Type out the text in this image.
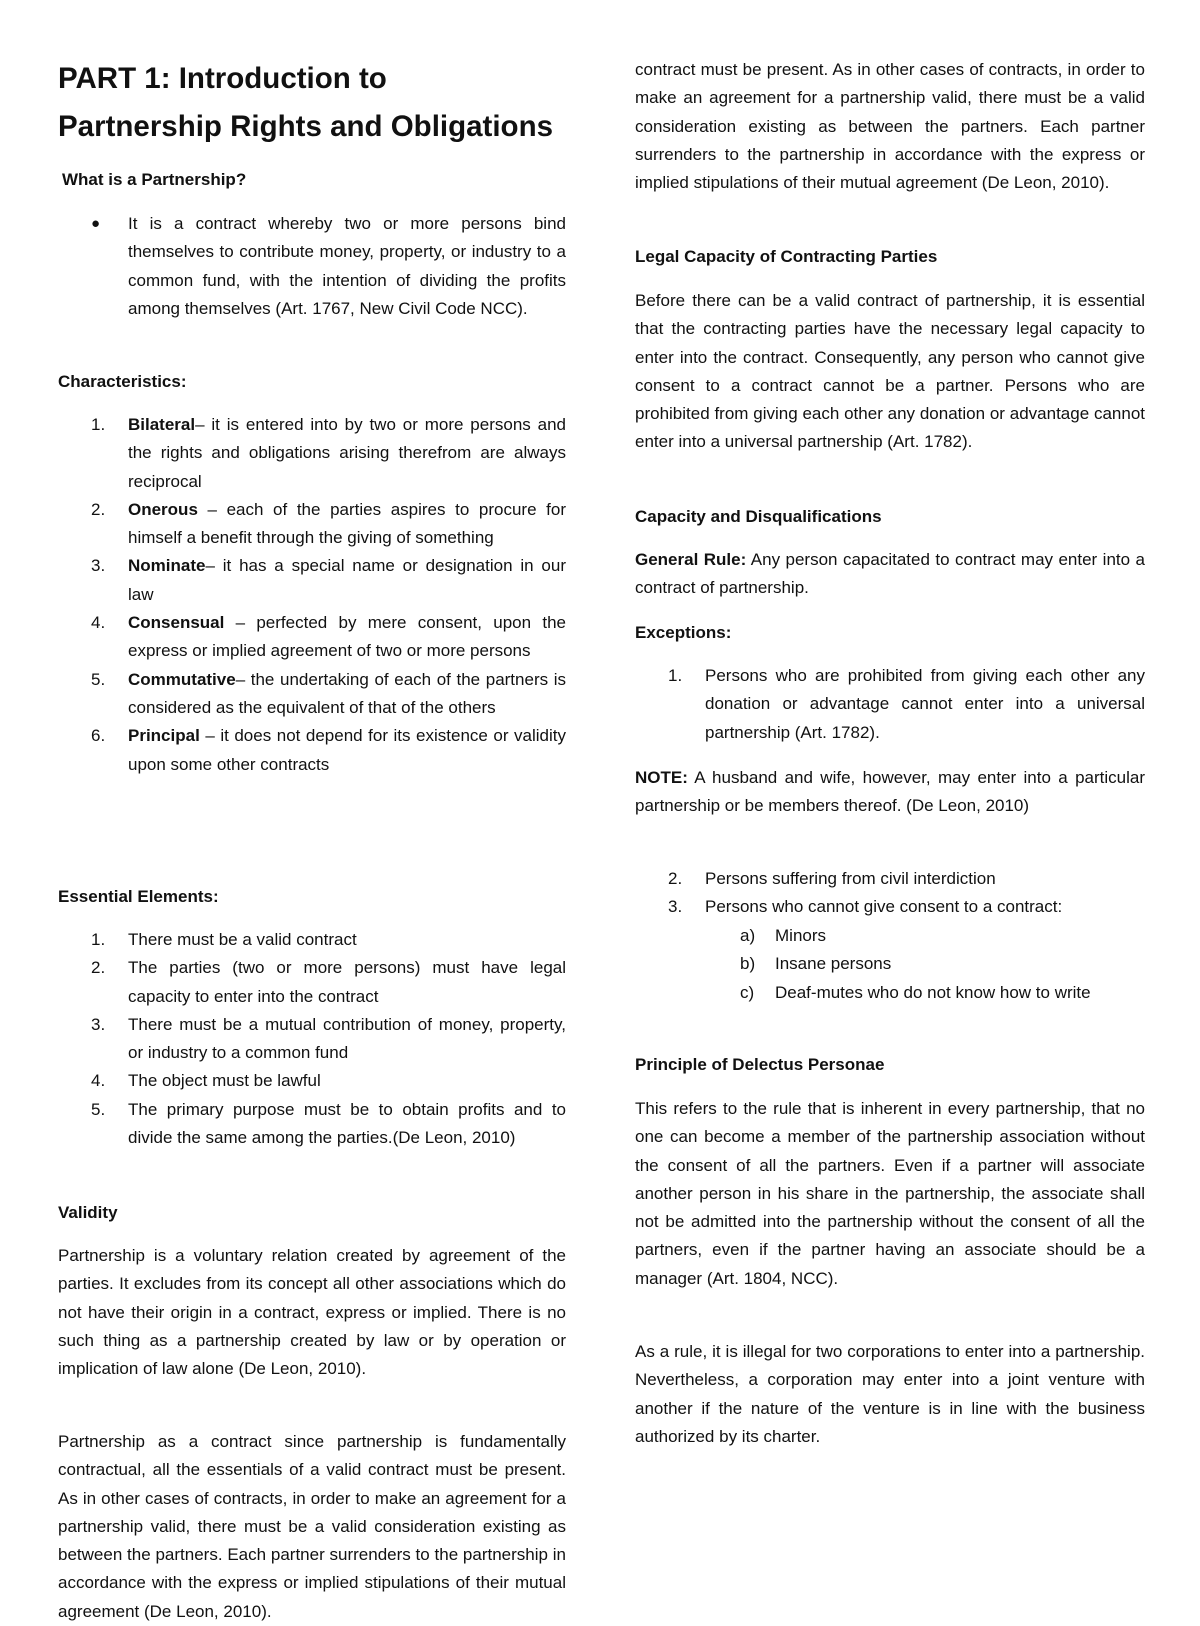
PART 1: Introduction to
Partnership Rights and Obligations
What is a Partnership?
● It is a contract whereby two or more persons bind themselves to contribute money, property, or industry to a common fund, with the intention of dividing the profits among themselves (Art. 1767, New Civil Code NCC).
Characteristics:
1. Bilateral– it is entered into by two or more persons and the rights and obligations arising therefrom are always reciprocal
2. Onerous – each of the parties aspires to procure for himself a benefit through the giving of something
3. Nominate– it has a special name or designation in our law
4. Consensual – perfected by mere consent, upon the express or implied agreement of two or more persons
5. Commutative– the undertaking of each of the partners is considered as the equivalent of that of the others
6. Principal – it does not depend for its existence or validity upon some other contracts
Essential Elements:
1. There must be a valid contract
2. The parties (two or more persons) must have legal capacity to enter into the contract
3. There must be a mutual contribution of money, property, or industry to a common fund
4. The object must be lawful
5. The primary purpose must be to obtain profits and to divide the same among the parties.(De Leon, 2010)
Validity

Partnership is a voluntary relation created by agreement of the parties. It excludes from its concept all other associations which do not have their origin in a contract, express or implied. There is no such thing as a partnership created by law or by operation or implication of law alone (De Leon, 2010).

Partnership as a contract since partnership is fundamentally contractual, all the essentials of a valid contract must be present. As in other cases of contracts, in order to make an agreement for a partnership valid, there must be a valid consideration existing as between the partners. Each partner surrenders to the partnership in accordance with the express or implied stipulations of their mutual agreement (De Leon, 2010).

contract must be present. As in other cases of contracts, in order to make an agreement for a partnership valid, there must be a valid consideration existing as between the partners. Each partner surrenders to the partnership in accordance with the express or implied stipulations of their mutual agreement (De Leon, 2010).

Legal Capacity of Contracting Parties

Before there can be a valid contract of partnership, it is essential that the contracting parties have the necessary legal capacity to enter into the contract. Consequently, any person who cannot give consent to a contract cannot be a partner. Persons who are prohibited from giving each other any donation or advantage cannot enter into a universal partnership (Art. 1782).

Capacity and Disqualifications

General Rule: Any person capacitated to contract may enter into a contract of partnership.

Exceptions:
1. Persons who are prohibited from giving each other any donation or advantage cannot enter into a universal partnership (Art. 1782).

NOTE: A husband and wife, however, may enter into a particular partnership or be members thereof. (De Leon, 2010)

2. Persons suffering from civil interdiction
3. Persons who cannot give consent to a contract:
a) Minors
b) Insane persons
c) Deaf-mutes who do not know how to write
Principle of Delectus Personae

This refers to the rule that is inherent in every partnership, that no one can become a member of the partnership association without the consent of all the partners. Even if a partner will associate another person in his share in the partnership, the associate shall not be admitted into the partnership without the consent of all the partners, even if the partner having an associate should be a manager (Art. 1804, NCC).

As a rule, it is illegal for two corporations to enter into a partnership. Nevertheless, a corporation may enter into a joint venture with another if the nature of the venture is in line with the business authorized by its charter.
